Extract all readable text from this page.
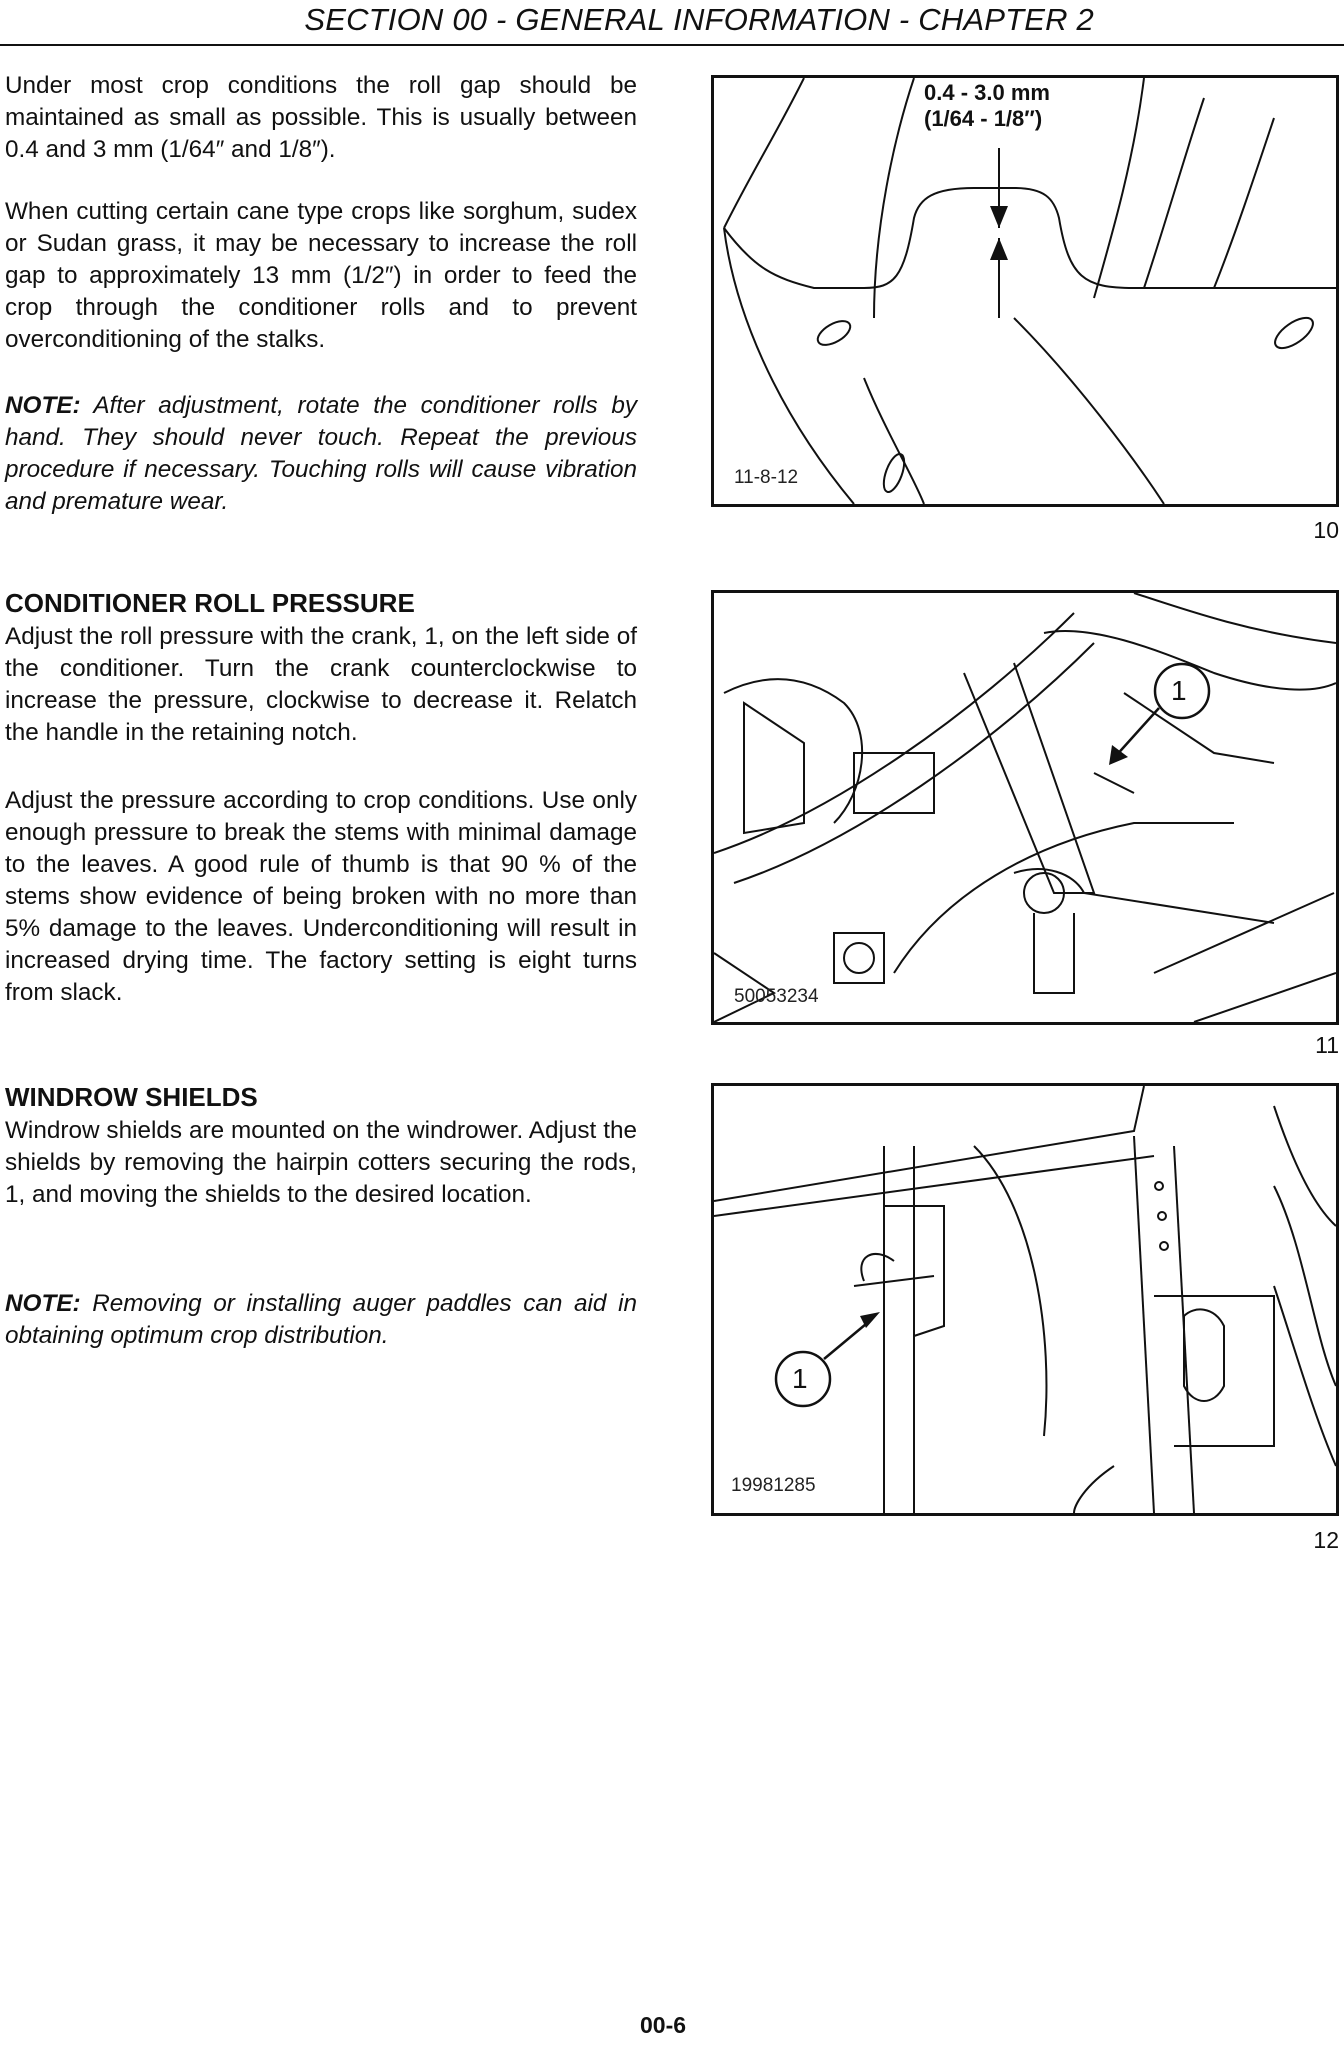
SECTION 00 - GENERAL INFORMATION - CHAPTER 2

Under most crop conditions the roll gap should be maintained as small as possible. This is usually between 0.4 and 3 mm (1/64″ and 1/8″).

When cutting certain cane type crops like sorghum, sudex or Sudan grass, it may be necessary to increase the roll gap to approximately 13 mm (1/2″) in order to feed the crop through the conditioner rolls and to prevent overconditioning of the stalks.

NOTE: After adjustment, rotate the conditioner rolls by hand. They should never touch. Repeat the previous procedure if necessary. Touching rolls will cause vibration and premature wear.

CONDITIONER ROLL PRESSURE

Adjust the roll pressure with the crank, 1, on the left side of the conditioner. Turn the crank counterclockwise to increase the pressure, clockwise to decrease it. Relatch the handle in the retaining notch.

Adjust the pressure according to crop conditions. Use only enough pressure to break the stems with minimal damage to the leaves. A good rule of thumb is that 90 % of the stems show evidence of being broken with no more than 5% damage to the leaves. Underconditioning will result in increased drying time. The factory setting is eight turns from slack.

WINDROW SHIELDS

Windrow shields are mounted on the windrower. Adjust the shields by removing the hairpin cotters securing the rods, 1, and moving the shields to the desired location.

NOTE: Removing or installing auger paddles can aid in obtaining optimum crop distribution.

0.4 - 3.0 mm
(1/64 - 1/8″)
11-8-12
10
1
50053234
11
1
19981285
12
00-6
